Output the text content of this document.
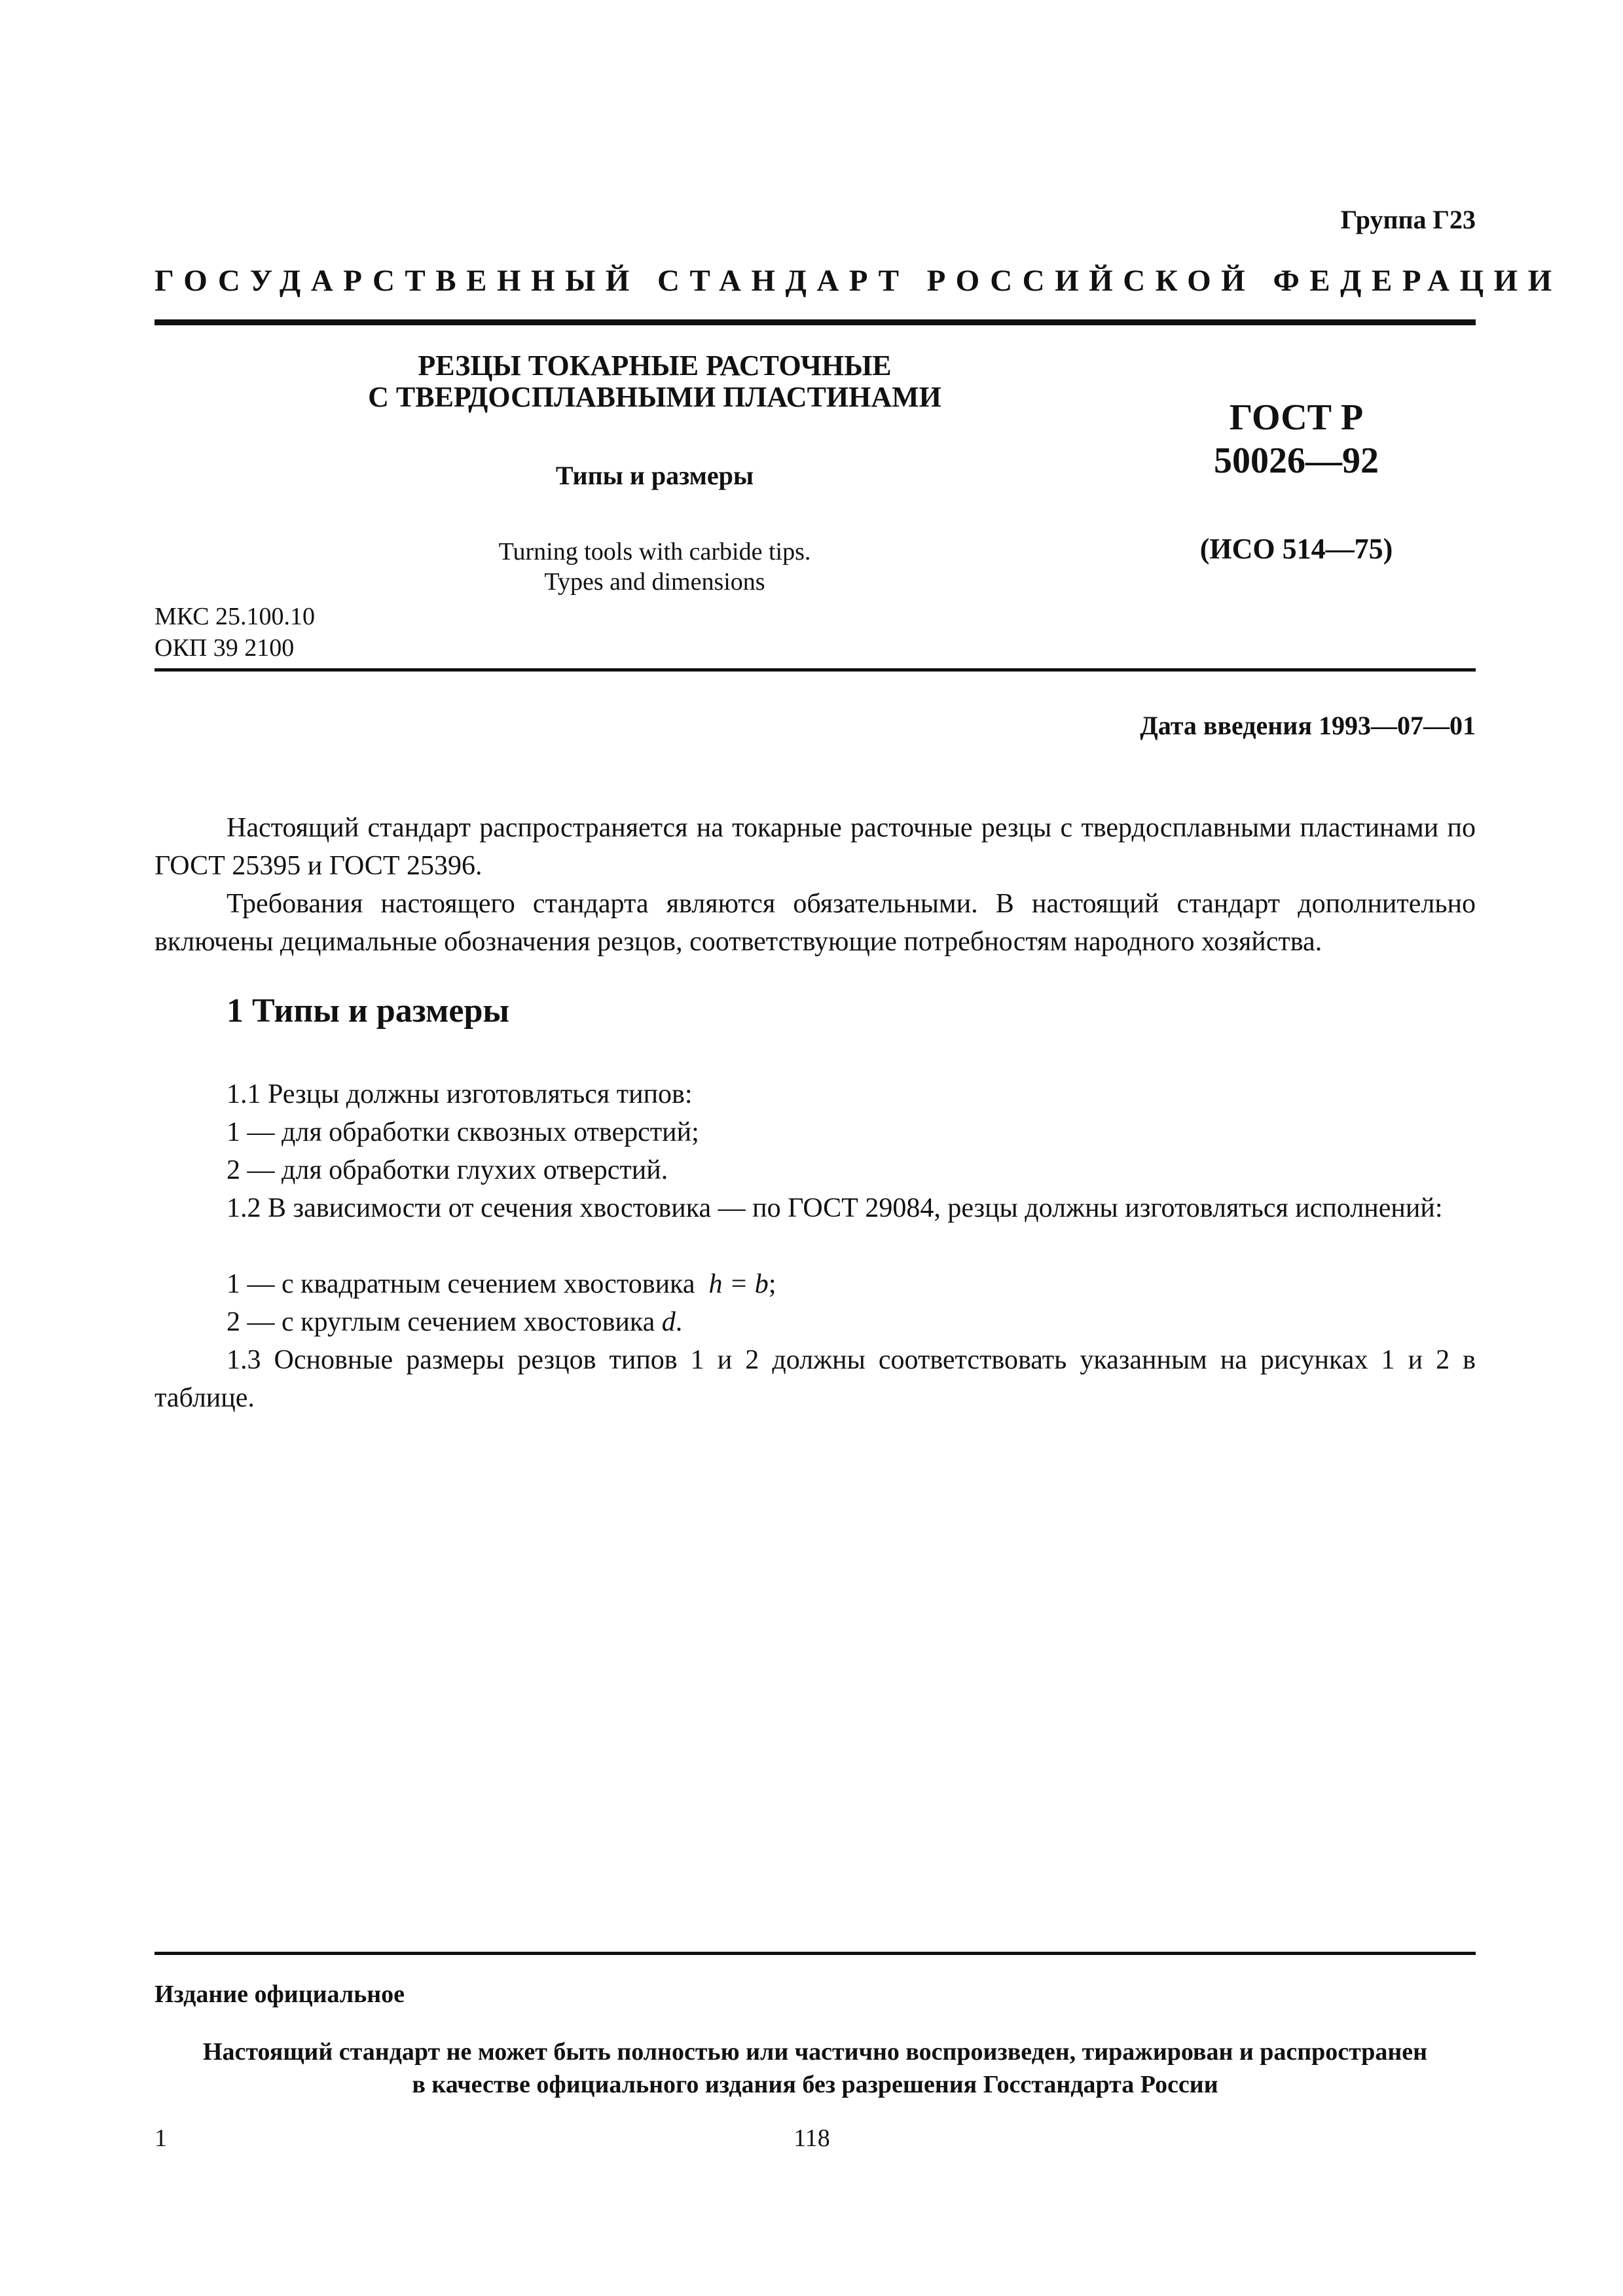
Группа Г23
ГОСУДАРСТВЕННЫЙ СТАНДАРТ РОССИЙСКОЙ ФЕДЕРАЦИИ
РЕЗЦЫ ТОКАРНЫЕ РАСТОЧНЫЕ
С ТВЕРДОСПЛАВНЫМИ ПЛАСТИНАМИ
Типы и размеры
Turning tools with carbide tips.
Types and dimensions
ГОСТ Р
50026—92
(ИСО 514—75)
МКС 25.100.10
ОКП 39 2100
Дата введения 1993—07—01

Настоящий стандарт распространяется на токарные расточные резцы с твердосплавными пластинами по ГОСТ 25395 и ГОСТ 25396.

Требования настоящего стандарта являются обязательными. В настоящий стандарт дополнительно включены децимальные обозначения резцов, соответствующие потребностям народного хозяйства.

1 Типы и размеры
1.1 Резцы должны изготовляться типов:
1 — для обработки сквозных отверстий;
2 — для обработки глухих отверстий.

1.2 В зависимости от сечения хвостовика — по ГОСТ 29084, резцы должны изготовляться исполнений:

1 — с квадратным сечением хвостовика h = b;
2 — с круглым сечением хвостовика d.

1.3 Основные размеры резцов типов 1 и 2 должны соответствовать указанным на рисунках 1 и 2 в таблице.

Издание официальное
Настоящий стандарт не может быть полностью или частично воспроизведен, тиражирован и распространен
в качестве официального издания без разрешения Госстандарта России
1	118
